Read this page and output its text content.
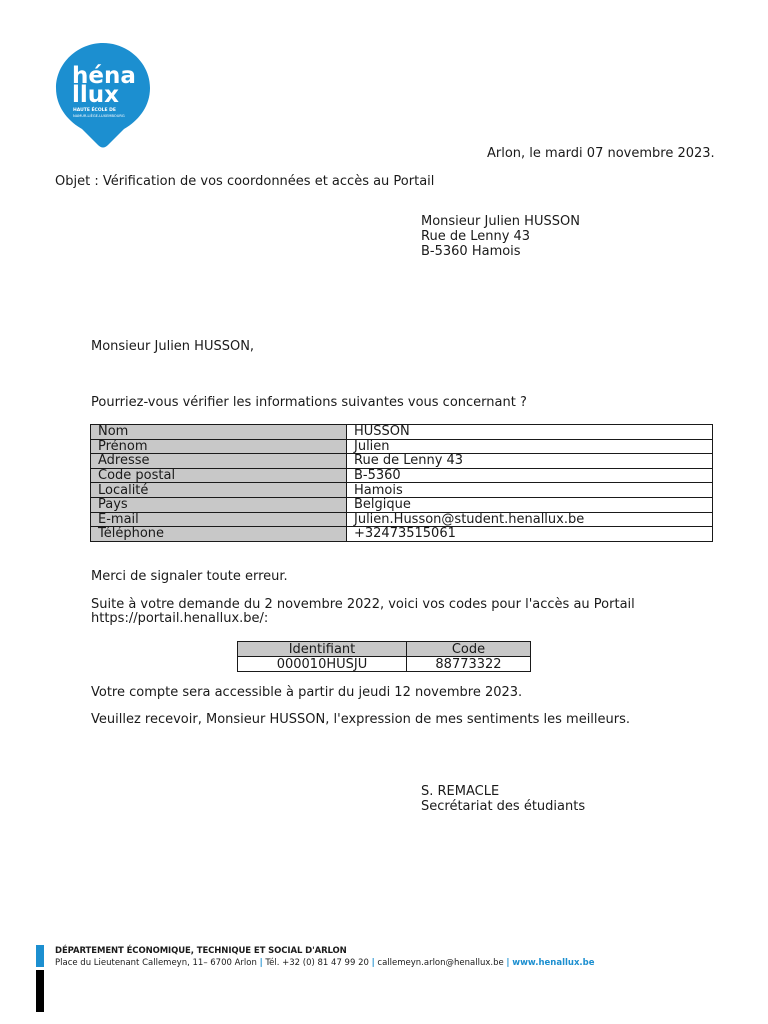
héna
llux
HAUTE ÉCOLE DE
NAMUR-LIÈGE-LUXEMBOURG
Arlon, le mardi 07 novembre 2023.
Objet : Vérification de vos coordonnées et accès au Portail
Monsieur Julien HUSSON
Rue de Lenny 43
B-5360 Hamois
Monsieur Julien HUSSON,
Pourriez-vous vérifier les informations suivantes vous concernant ?
Nom	HUSSON
Prénom	Julien
Adresse	Rue de Lenny 43
Code postal	B-5360
Localité	Hamois
Pays	Belgique
E-mail	Julien.Husson@student.henallux.be
Téléphone	+32473515061
Merci de signaler toute erreur.
Suite à votre demande du 2 novembre 2022, voici vos codes pour l'accès au Portail
https://portail.henallux.be/:
Identifiant	Code
000010HUSJU	88773322
Votre compte sera accessible à partir du jeudi 12 novembre 2023.
Veuillez recevoir, Monsieur HUSSON, l'expression de mes sentiments les meilleurs.
S. REMACLE
Secrétariat des étudiants
DÉPARTEMENT ÉCONOMIQUE, TECHNIQUE ET SOCIAL D'ARLON
Place du Lieutenant Callemeyn, 11– 6700 Arlon | Tél. +32 (0) 81 47 99 20 | callemeyn.arlon@henallux.be | www.henallux.be
